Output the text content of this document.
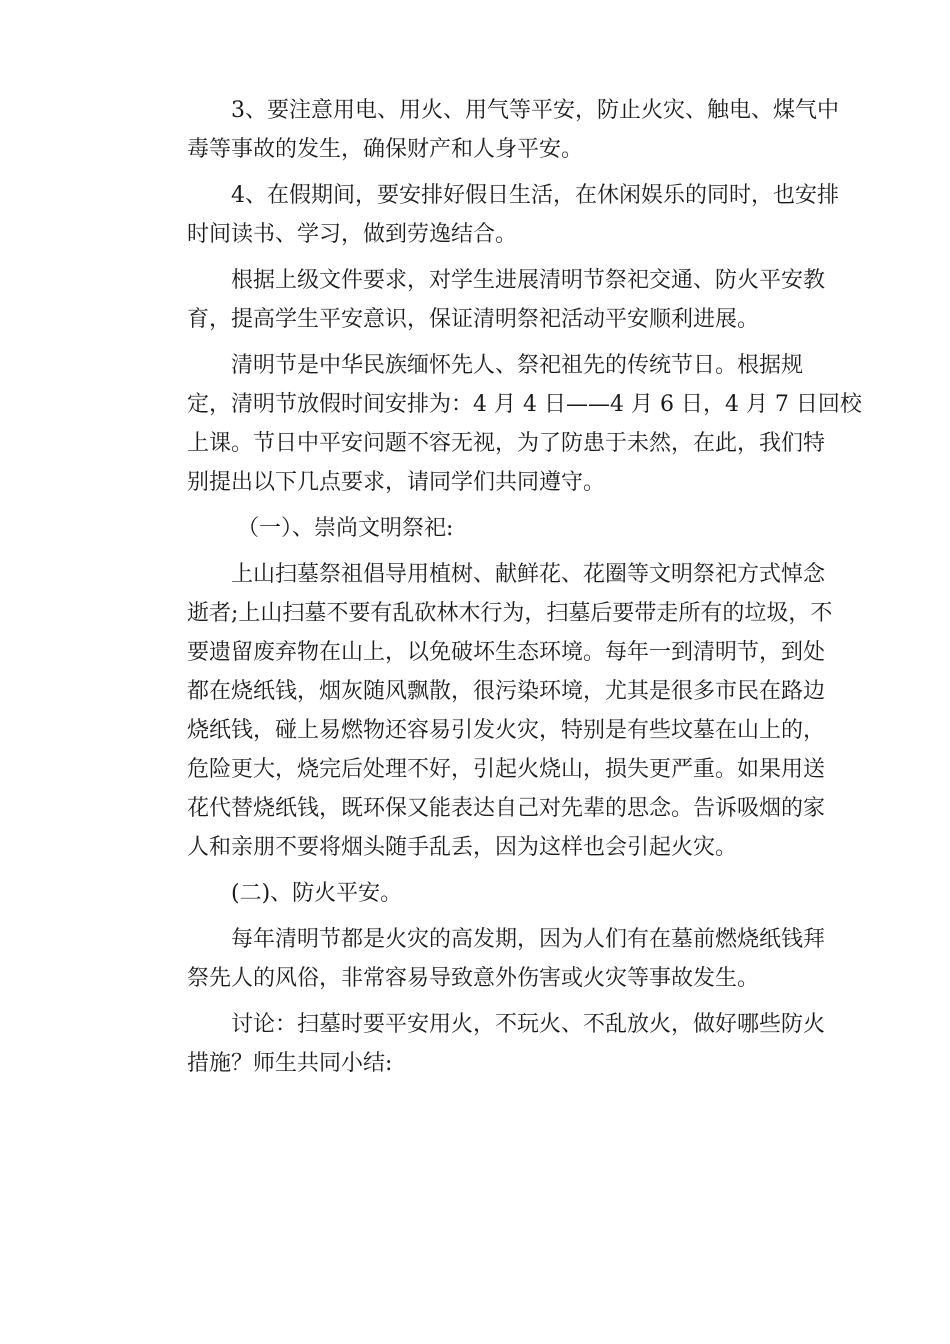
3、要注意用电、用火、用气等平安，防止火灾、触电、煤气中
毒等事故的发生，确保财产和人身平安。
4、在假期间，要安排好假日生活，在休闲娱乐的同时，也安排
时间读书、学习，做到劳逸结合。
根据上级文件要求，对学生进展清明节祭祀交通、防火平安教
育，提高学生平安意识，保证清明祭祀活动平安顺利进展。
清明节是中华民族缅怀先人、祭祀祖先的传统节日。根据规
定，清明节放假时间安排为：4 月 4 日——4 月 6 日，4 月 7 日回校
上课。节日中平安问题不容无视，为了防患于未然，在此，我们特
别提出以下几点要求，请同学们共同遵守。
（一）、崇尚文明祭祀:
上山扫墓祭祖倡导用植树、献鲜花、花圈等文明祭祀方式悼念
逝者;上山扫墓不要有乱砍林木行为，扫墓后要带走所有的垃圾，不
要遗留废弃物在山上，以免破坏生态环境。每年一到清明节，到处
都在烧纸钱，烟灰随风飘散，很污染环境，尤其是很多市民在路边
烧纸钱，碰上易燃物还容易引发火灾，特别是有些坟墓在山上的，
危险更大，烧完后处理不好，引起火烧山，损失更严重。如果用送
花代替烧纸钱，既环保又能表达自己对先辈的思念。告诉吸烟的家
人和亲朋不要将烟头随手乱丢，因为这样也会引起火灾。
(二)、防火平安。
每年清明节都是火灾的高发期，因为人们有在墓前燃烧纸钱拜
祭先人的风俗，非常容易导致意外伤害或火灾等事故发生。
讨论：扫墓时要平安用火，不玩火、不乱放火，做好哪些防火
措施？师生共同小结:
